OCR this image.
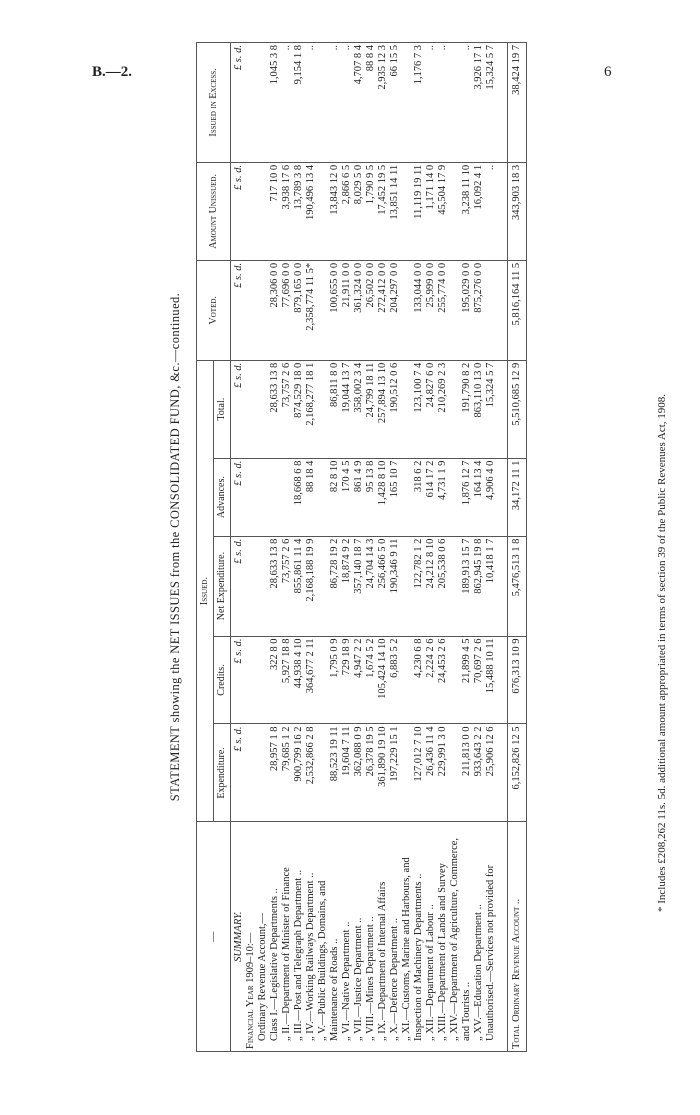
B.—2.	6
STATEMENT showing the NET ISSUES from the CONSOLIDATED FUND, &c.—continued.
—	Issued.					Voted.	Amount Unissued.	Issued in Excess.
	Expenditure.	Credits.	Net Expenditure.	Advances.	Total.			
SUMMARY.	£ s. d.	£ s. d.	£ s. d.	£ s. d.	£ s. d.	£ s. d.	£ s. d.	£ s. d.
Financial Year 1909–10:—								
Ordinary Revenue Account,—								
Class I.—Legislative Departments ..	28,957 1 8	322 8 0	28,633 13 8		28,633 13 8	28,306 0 0	717 10 0	1,045 3 8
„ II.—Department of Minister of Finance	79,685 1 2	5,927 18 8	73,757 2 6		73,757 2 6	77,696 0 0	3,938 17 6	..
„ III.—Post and Telegraph Department ..	900,799 16 2	44,938 4 10	855,861 11 4	18,668 6 8	874,529 18 0	879,165 0 0	13,789 3 8	9,154 1 8
„ IV.—Working Railways Department ..	2,532,866 2 8	364,677 2 11	2,168,188 19 9	88 18 4	2,168,277 18 1	2,358,774 11 5*	190,496 13 4	..
„ V.—Public Buildings, Domains, and Maintenance of Roads ..	88,523 19 11	1,795 0 9	86,728 19 2	82 8 10	86,811 8 0	100,655 0 0	13,843 12 0	..
„ VI.—Native Department ..	19,604 7 11	729 18 9	18,874 9 2	170 4 5	19,044 13 7	21,911 0 0	2,866 6 5	..
„ VII.—Justice Department ..	362,088 0 9	4,947 2 2	357,140 18 7	861 4 9	358,002 3 4	361,324 0 0	8,029 5 0	4,707 8 4
„ VIII.—Mines Department ..	26,378 19 5	1,674 5 2	24,704 14 3	95 13 8	24,799 18 11	26,502 0 0	1,790 9 5	88 8 4
„ IX.—Department of Internal Affairs	361,890 19 10	105,424 14 10	256,466 5 0	1,428 8 10	257,894 13 10	272,412 0 0	17,452 19 5	2,935 12 3
„ X.—Defence Department ..	197,229 15 1	6,883 5 2	190,346 9 11	165 10 7	190,512 0 6	204,297 0 0	13,851 14 11	66 15 5
„ XI.—Customs, Marine and Harbours, and Inspection of Machinery Departments ..	127,012 7 10	4,230 6 8	122,782 1 2	318 6 2	123,100 7 4	133,044 0 0	11,119 19 11	1,176 7 3
„ XII.—Department of Labour ..	26,436 11 4	2,224 2 6	24,212 8 10	614 17 2	24,827 6 0	25,999 0 0	1,171 14 0	..
„ XIII.—Department of Lands and Survey	229,991 3 0	24,453 2 6	205,538 0 6	4,731 1 9	210,269 2 3	255,774 0 0	45,504 17 9	..
„ XIV.—Department of Agriculture, Commerce, and Tourists ..	211,813 0 0	21,899 4 5	189,913 15 7	1,876 12 7	191,790 8 2	195,029 0 0	3,238 11 10	..
„ XV.—Education Department ..	933,643 2 2	70,697 2 6	862,945 19 8	164 13 4	863,110 13 0	875,276 0 0	16,092 4 1	3,926 17 1
Unauthorised.—Services not provided for	25,906 12 6	15,488 10 11	10,418 1 7	4,906 4 0	15,324 5 7		..	15,324 5 7

Total Ordinary Revenue Account ..	6,152,826 12 5	676,313 10 9	5,476,513 1 8	34,172 11 1	5,510,685 12 9	5,816,164 11 5	343,903 18 3	38,424 19 7
* Includes £208,262 11s. 5d. additional amount appropriated in terms of section 39 of the Public Revenues Act, 1908.
